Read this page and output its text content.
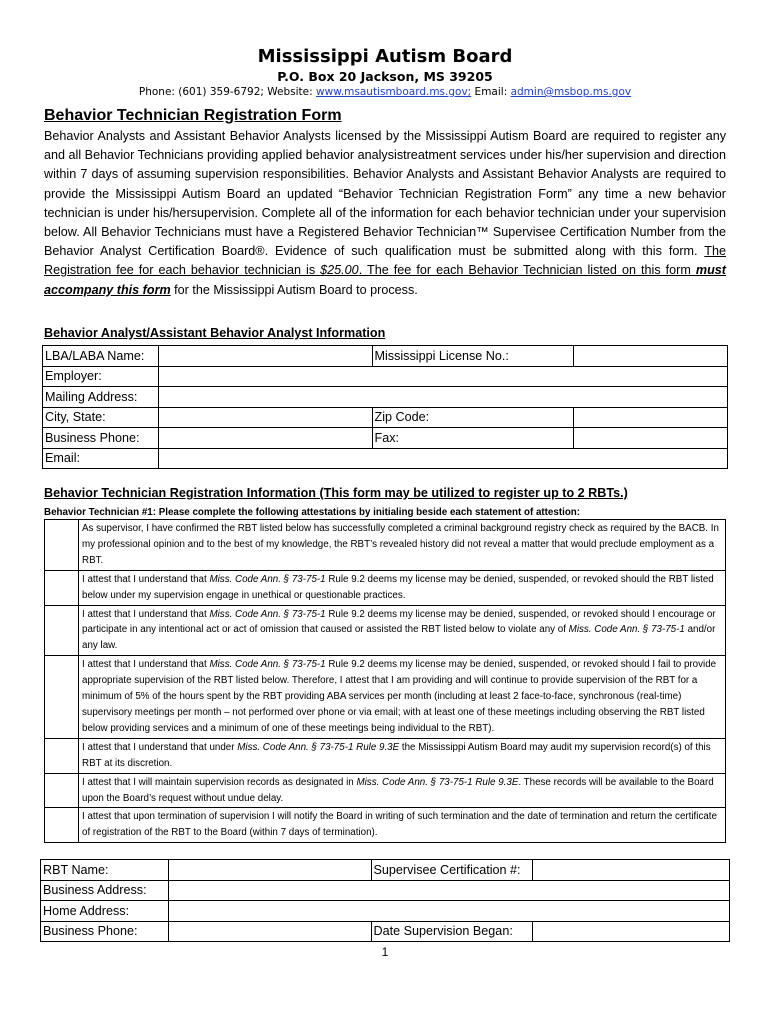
Mississippi Autism Board
P.O. Box 20 Jackson, MS 39205
Phone: (601) 359-6792; Website: www.msautismboard.ms.gov; Email: admin@msbop.ms.gov
Behavior Technician Registration Form
Behavior Analysts and Assistant Behavior Analysts licensed by the Mississippi Autism Board are required to register any and all Behavior Technicians providing applied behavior analysistreatment services under his/her supervision and direction within 7 days of assuming supervision responsibilities. Behavior Analysts and Assistant Behavior Analysts are required to provide the Mississippi Autism Board an updated “Behavior Technician Registration Form” any time a new behavior technician is under his/hersupervision. Complete all of the information for each behavior technician under your supervision below. All Behavior Technicians must have a Registered Behavior Technician™ Supervisee Certification Number from the Behavior Analyst Certification Board®. Evidence of such qualification must be submitted along with this form. The Registration fee for each behavior technician is $25.00. The fee for each Behavior Technician listed on this form must accompany this form for the Mississippi Autism Board to process.
Behavior Analyst/Assistant Behavior Analyst Information
LBA/LABA Name:		Mississippi License No.:	
Employer:			
Mailing Address:			
City, State:		Zip Code:	
Business Phone:		Fax:	
Email:			
Behavior Technician Registration Information (This form may be utilized to register up to 2 RBTs.)
Behavior Technician #1: Please complete the following attestations by initialing beside each statement of attestion:
	As supervisor, I have confirmed the RBT listed below has successfully completed a criminal background registry check as required by the BACB. In my professional opinion and to the best of my knowledge, the RBT’s revealed history did not reveal a matter that would preclude employment as a RBT.
	I attest that I understand that Miss. Code Ann. § 73-75-1 Rule 9.2 deems my license may be denied, suspended, or revoked should the RBT listed below under my supervision engage in unethical or questionable practices.
	I attest that I understand that Miss. Code Ann. § 73-75-1 Rule 9.2 deems my license may be denied, suspended, or revoked should I encourage or participate in any intentional act or act of omission that caused or assisted the RBT listed below to violate any of Miss. Code Ann. § 73-75-1 and/or any law.
	I attest that I understand that Miss. Code Ann. § 73-75-1 Rule 9.2 deems my license may be denied, suspended, or revoked should I fail to provide appropriate supervision of the RBT listed below. Therefore, I attest that I am providing and will continue to provide supervision of the RBT for a minimum of 5% of the hours spent by the RBT providing ABA services per month (including at least 2 face-to-face, synchronous (real-time) supervisory meetings per month – not performed over phone or via email; with at least one of these meetings including observing the RBT listed below providing services and a minimum of one of these meetings being individual to the RBT).
	I attest that I understand that under Miss. Code Ann. § 73-75-1 Rule 9.3E the Mississippi Autism Board may audit my supervision record(s) of this RBT at its discretion.
	I attest that I will maintain supervision records as designated in Miss. Code Ann. § 73-75-1 Rule 9.3E. These records will be available to the Board upon the Board’s request without undue delay.
	I attest that upon termination of supervision I will notify the Board in writing of such termination and the date of termination and return the certificate of registration of the RBT to the Board (within 7 days of termination).
RBT Name:		Supervisee Certification #:	
Business Address:			
Home Address:			
Business Phone:		Date Supervision Began:	
1
